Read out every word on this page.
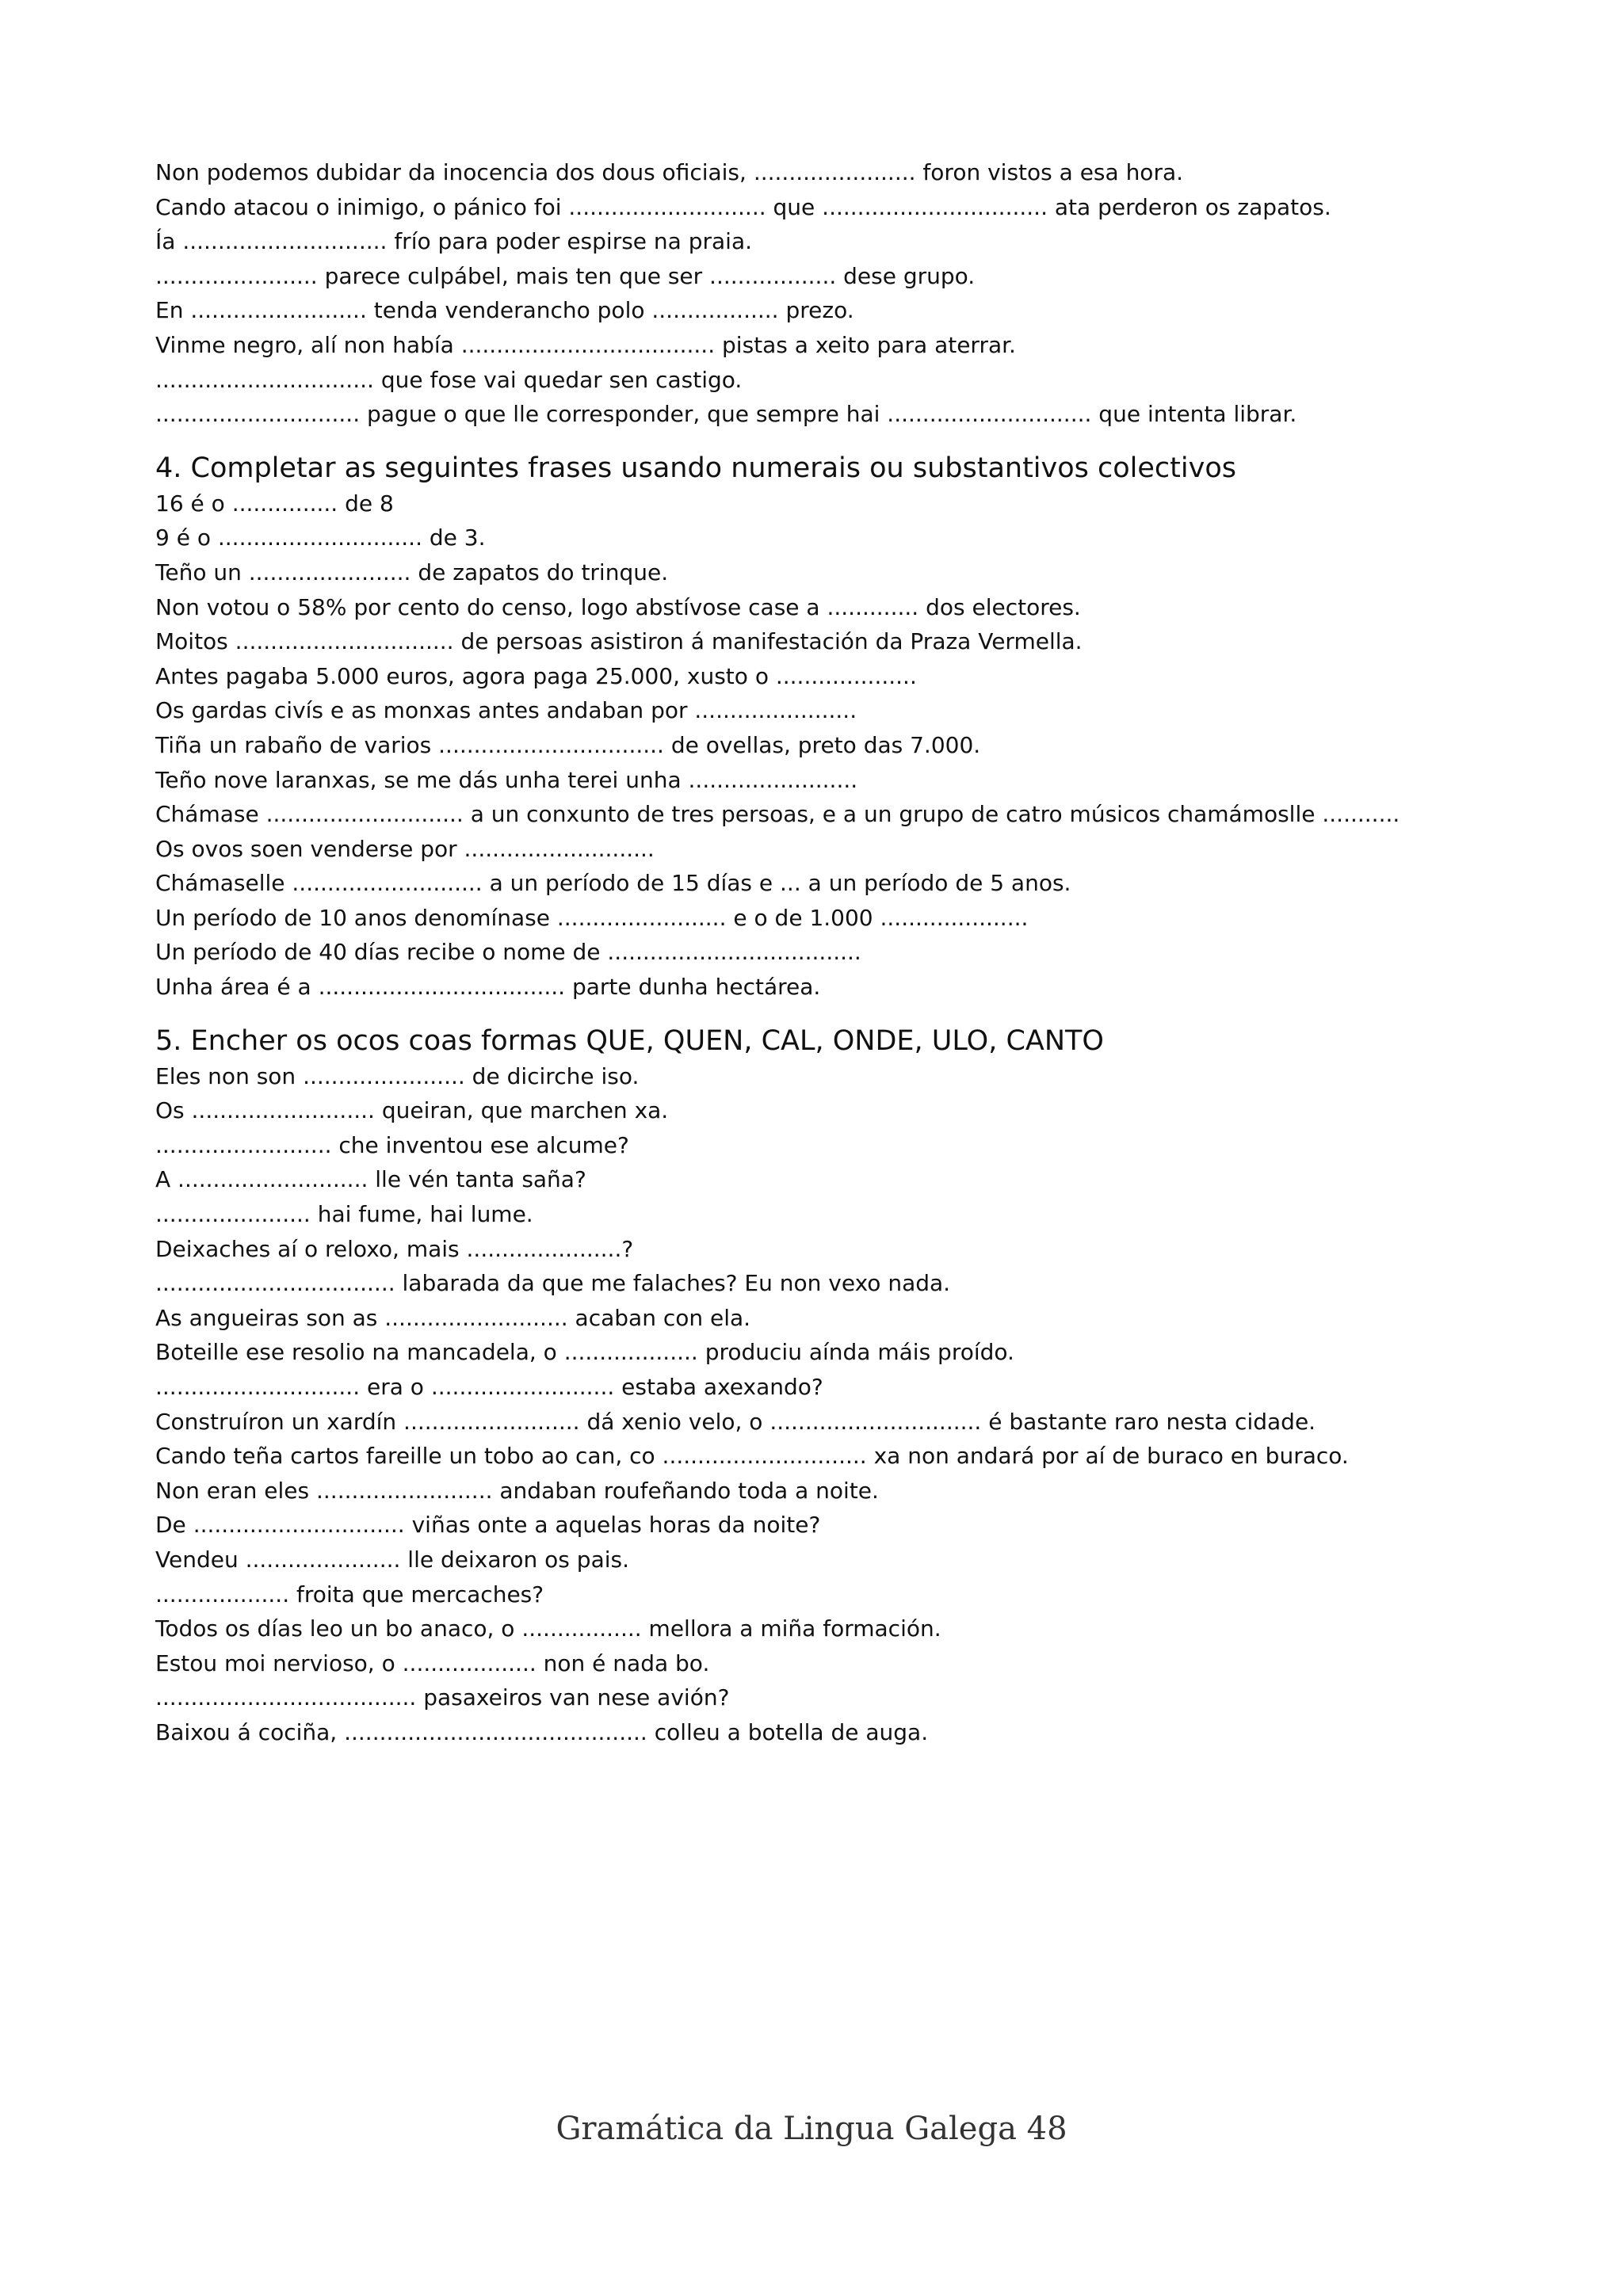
Non podemos dubidar da inocencia dos dous oficiais, ....................... foron vistos a esa hora.
Cando atacou o inimigo, o pánico foi ............................ que ................................ ata perderon os zapatos.
Ía ............................. frío para poder espirse na praia.
....................... parece culpábel, mais ten que ser .................. dese grupo.
En ......................... tenda venderancho polo .................. prezo.
Vinme negro, alí non había .................................... pistas a xeito para aterrar.
............................... que fose vai quedar sen castigo.
............................. pague o que lle corresponder, que sempre hai ............................. que intenta librar.
4. Completar as seguintes frases usando numerais ou substantivos colectivos
16 é o ............... de 8
9 é o ............................. de 3.
Teño un ....................... de zapatos do trinque.
Non votou o 58% por cento do censo, logo abstívose case a ............. dos electores.
Moitos ............................... de persoas asistiron á manifestación da Praza Vermella.
Antes pagaba 5.000 euros, agora paga 25.000, xusto o ....................
Os gardas civís e as monxas antes andaban por .......................
Tiña un rabaño de varios ................................ de ovellas, preto das 7.000.
Teño nove laranxas, se me dás unha terei unha ........................
Chámase ............................ a un conxunto de tres persoas, e a un grupo de catro músicos chamámoslle ...........
Os ovos soen venderse por ...........................
Chámaselle ........................... a un período de 15 días e ... a un período de 5 anos.
Un período de 10 anos denomínase ........................ e o de 1.000 .....................
Un período de 40 días recibe o nome de ....................................
Unha área é a ................................... parte dunha hectárea.
5. Encher os ocos coas formas QUE, QUEN, CAL, ONDE, ULO, CANTO
Eles non son ....................... de dicirche iso.
Os .......................... queiran, que marchen xa.
......................... che inventou ese alcume?
A ........................... lle vén tanta saña?
...................... hai fume, hai lume.
Deixaches aí o reloxo, mais ......................?
.................................. labarada da que me falaches? Eu non vexo nada.
As angueiras son as .......................... acaban con ela.
Boteille ese resolio na mancadela, o ................... produciu aínda máis proído.
............................. era o .......................... estaba axexando?
Construíron un xardín ......................... dá xenio velo, o .............................. é bastante raro nesta cidade.
Cando teña cartos fareille un tobo ao can, co ............................. xa non andará por aí de buraco en buraco.
Non eran eles ......................... andaban roufeñando toda a noite.
De .............................. viñas onte a aquelas horas da noite?
Vendeu ...................... lle deixaron os pais.
................... froita que mercaches?
Todos os días leo un bo anaco, o ................. mellora a miña formación.
Estou moi nervioso, o ................... non é nada bo.
..................................... pasaxeiros van nese avión?
Baixou á cociña, ........................................... colleu a botella de auga.
Gramática da Lingua Galega 48
